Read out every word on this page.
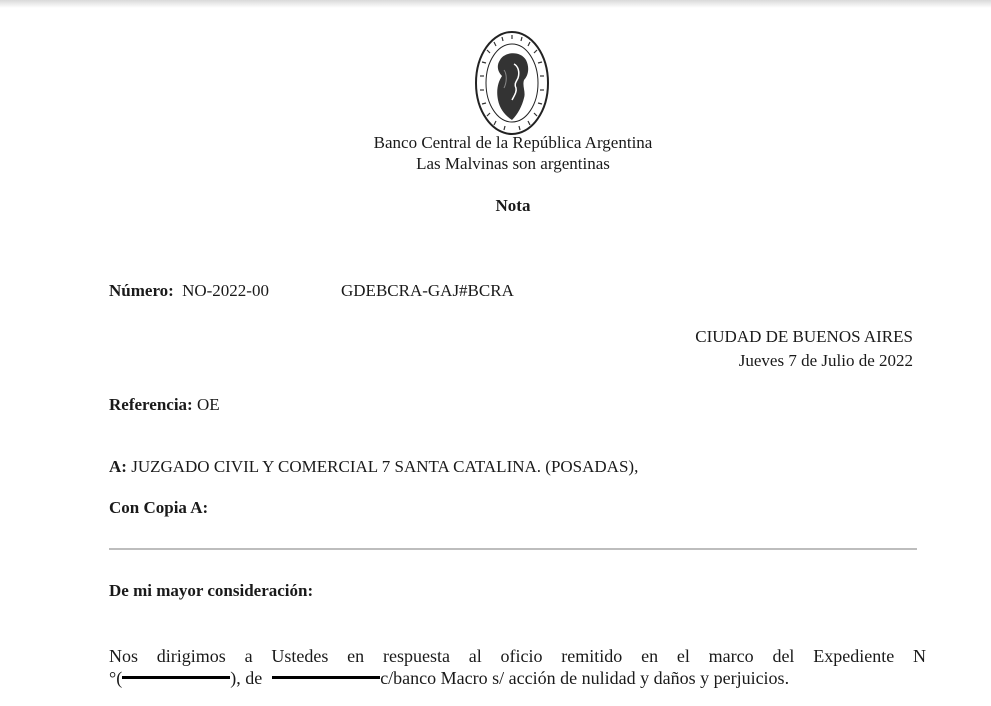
Banco Central de la República Argentina
Las Malvinas son argentinas
Nota
Número: NO-2022-00	GDEBCRA-GAJ#BCRA
CIUDAD DE BUENOS AIRES
Jueves 7 de Julio de 2022
Referencia: OE
A: JUZGADO CIVIL Y COMERCIAL 7 SANTA CATALINA. (POSADAS),
Con Copia A:
De mi mayor consideración:
Nos dirigimos a Ustedes en respuesta al oficio remitido en el marco del Expediente N
°(	), de	c/banco Macro s/ acción de nulidad y daños y perjuicios.
